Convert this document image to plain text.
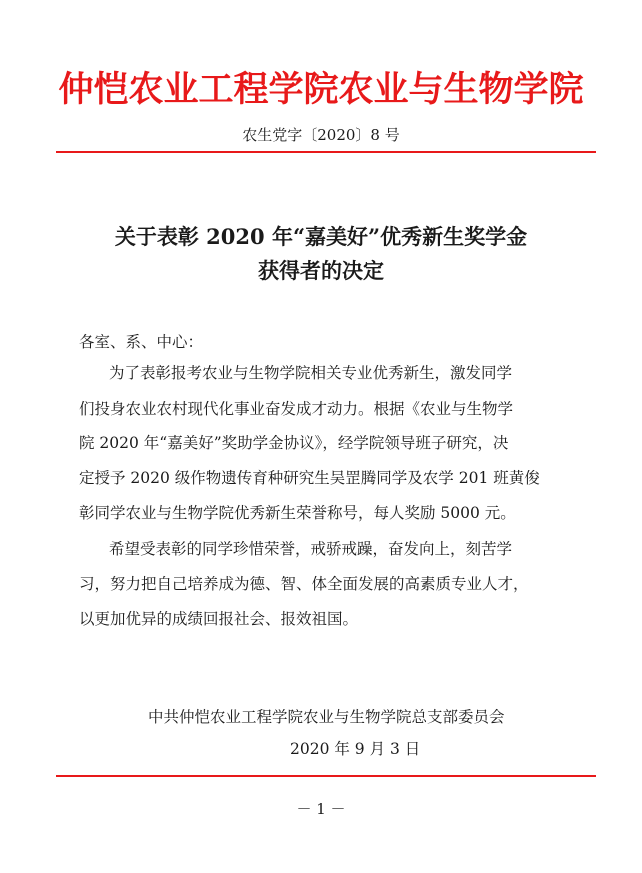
仲恺农业工程学院农业与生物学院
农生党字〔2020〕8 号
关于表彰 2020 年“嘉美好”优秀新生奖学金
获得者的决定
各室、系、中心：
为了表彰报考农业与生物学院相关专业优秀新生，激发同学
们投身农业农村现代化事业奋发成才动力。根据《农业与生物学
院 2020 年“嘉美好”奖助学金协议》，经学院领导班子研究，决
定授予 2020 级作物遗传育种研究生吴罡腾同学及农学 201 班黄俊
彰同学农业与生物学院优秀新生荣誉称号，每人奖励 5000 元。
希望受表彰的同学珍惜荣誉，戒骄戒躁，奋发向上，刻苦学
习，努力把自己培养成为德、智、体全面发展的高素质专业人才，
以更加优异的成绩回报社会、报效祖国。
中共仲恺农业工程学院农业与生物学院总支部委员会
2020 年 9 月 3 日
－ 1 －
